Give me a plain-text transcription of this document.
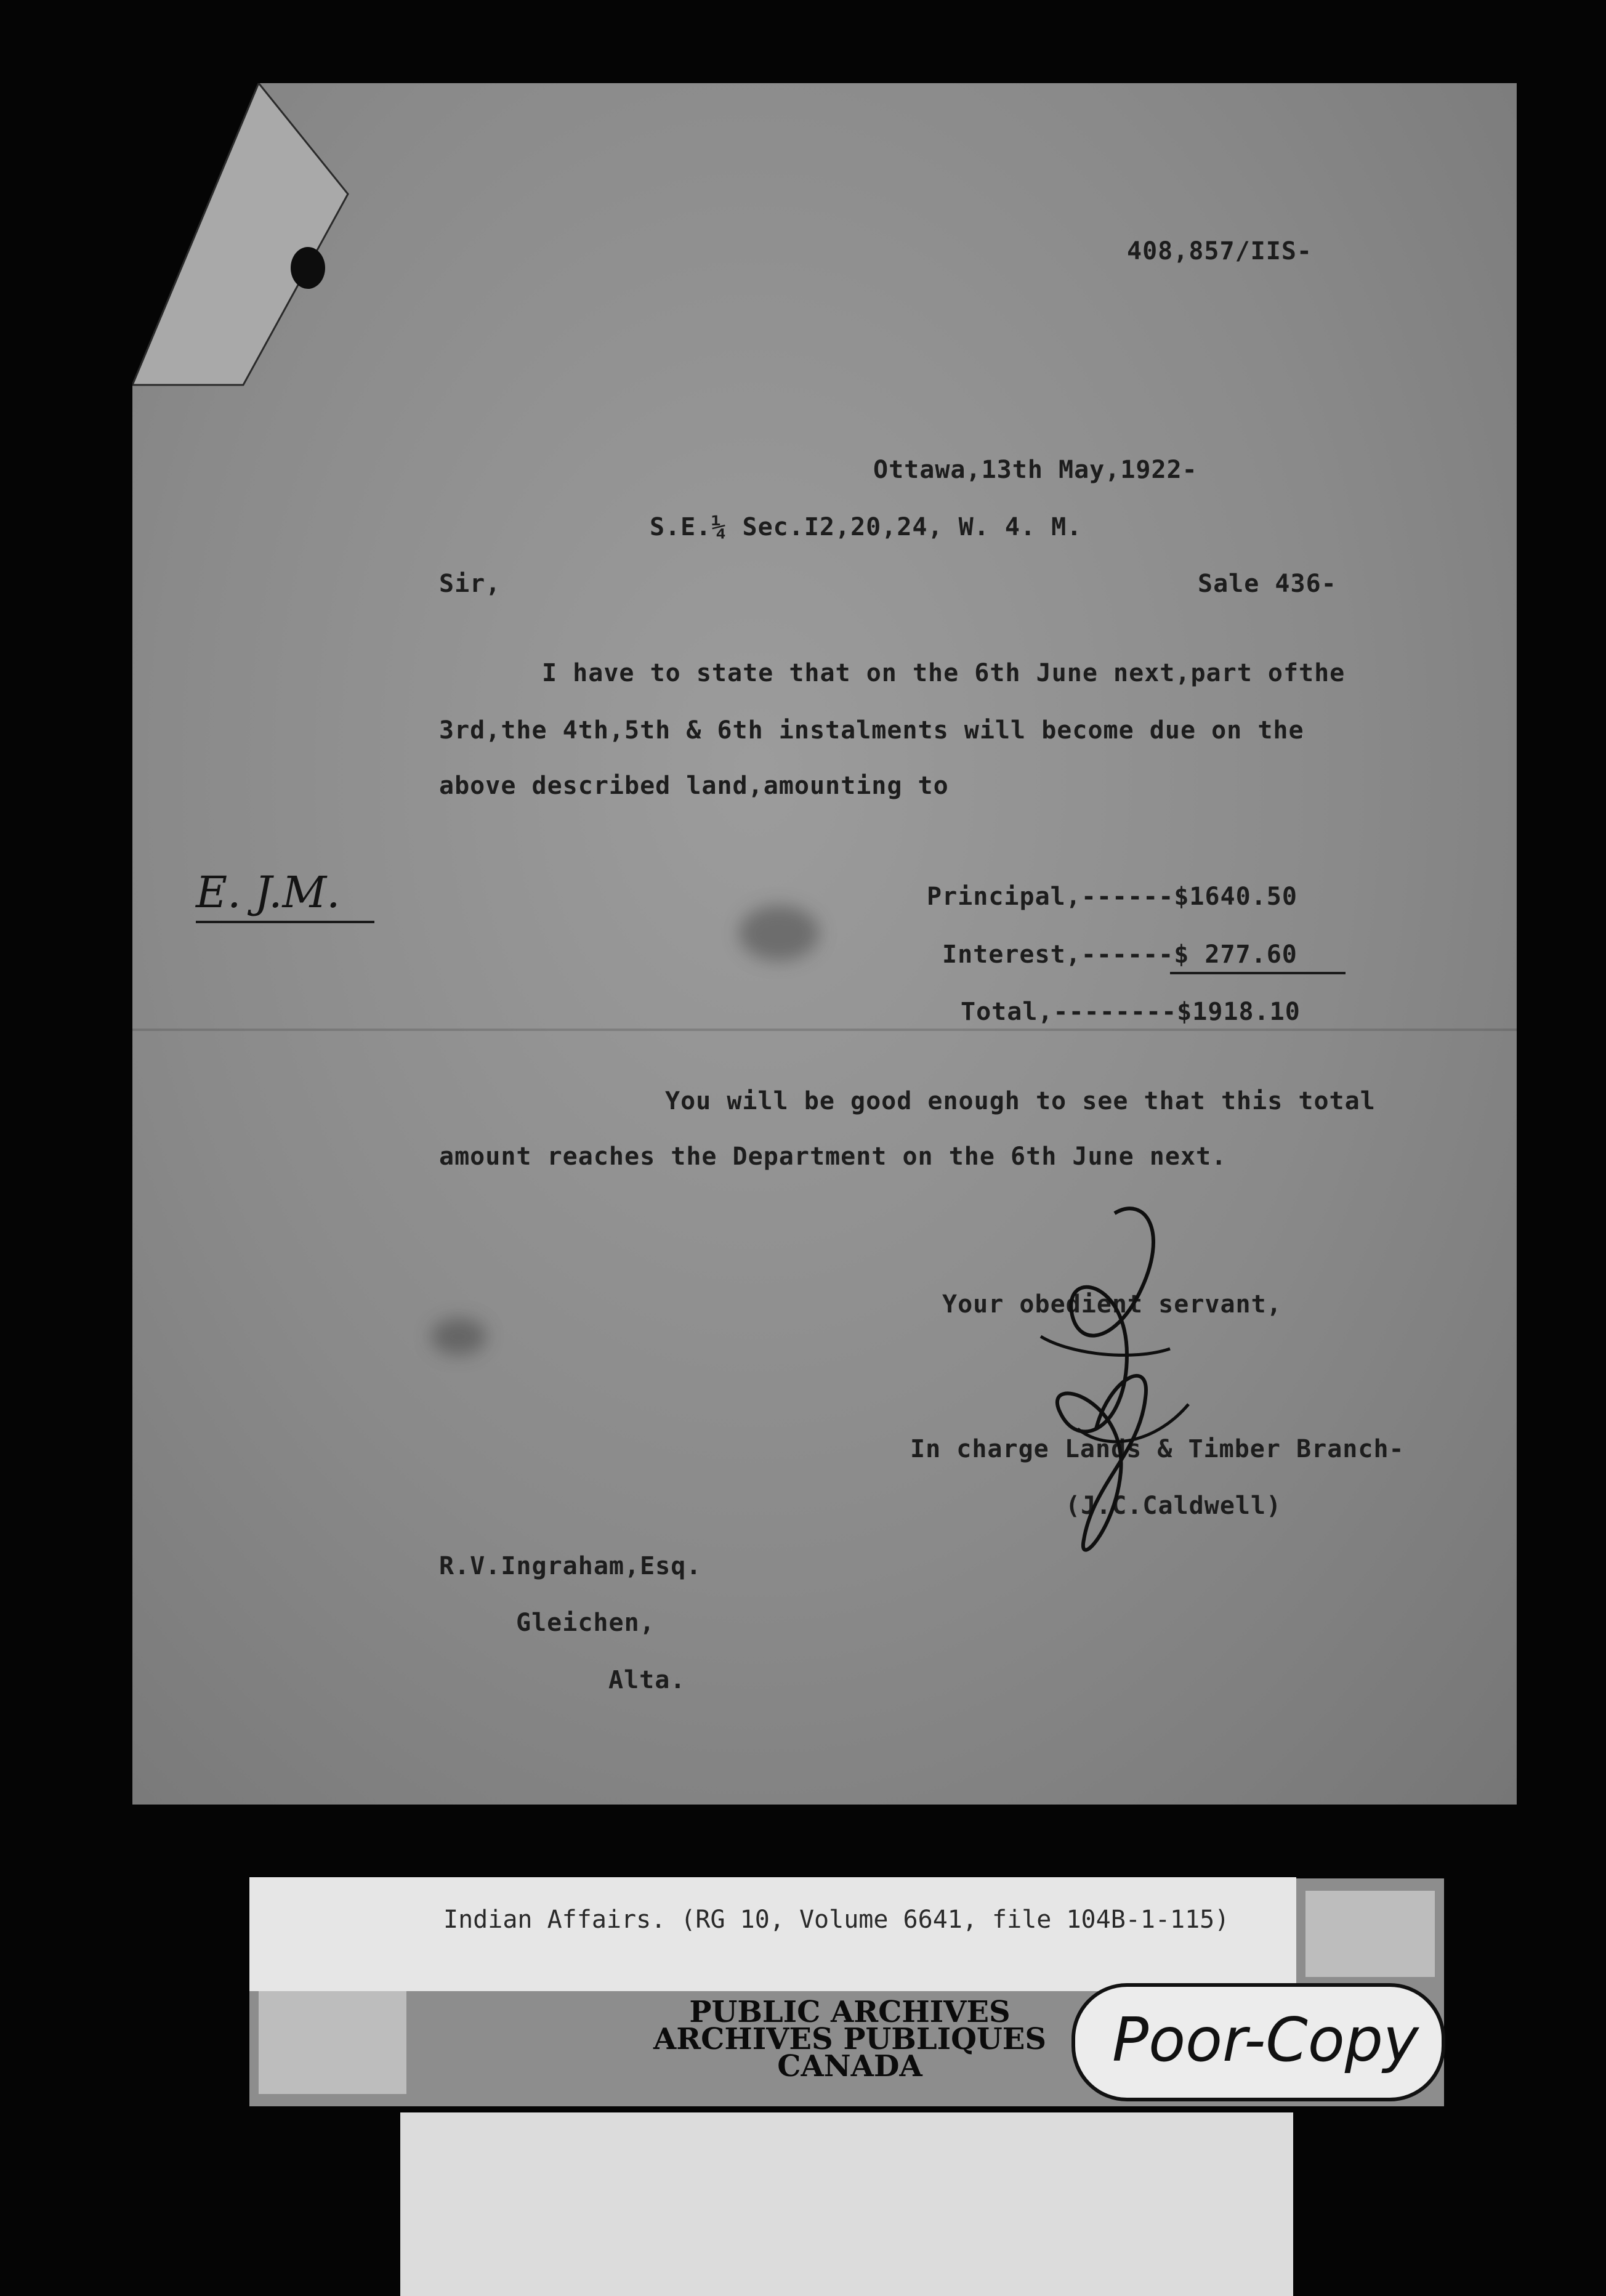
408,857/IIS-
Ottawa,13th May,1922-
S.E.¼ Sec.I2,20,24, W. 4. M.
Sir,	Sale 436-
I have to state that on the 6th June next,part ofthe
3rd,the 4th,5th & 6th instalments will become due on the
above described land,amounting to
E. J.M.	Principal,------$1640.50
Interest,------$ 277.60
Total,--------$1918.10
You will be good enough to see that this total
amount reaches the Department on the 6th June next.
Your obedient servant,
In charge Lands & Timber Branch-
(J.C.Caldwell)
R.V.Ingraham,Esq.
Gleichen,
Alta.
Indian Affairs. (RG 10, Volume 6641, file 104B-1-115)
PUBLIC ARCHIVES
ARCHIVES PUBLIQUES
CANADA	Poor-Copy
